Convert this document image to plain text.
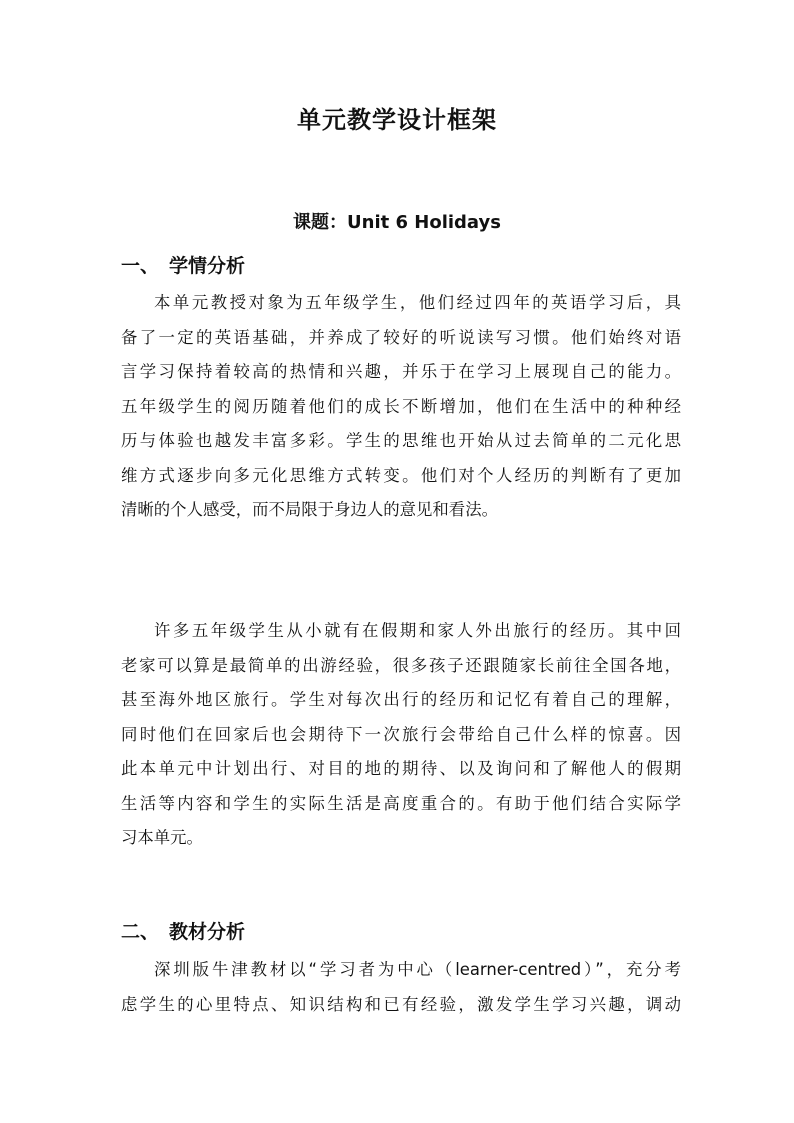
单元教学设计框架
课题：Unit 6 Holidays
一、 学情分析
本单元教授对象为五年级学生，他们经过四年的英语学习后，具
备了一定的英语基础，并养成了较好的听说读写习惯。他们始终对语
言学习保持着较高的热情和兴趣，并乐于在学习上展现自己的能力。
五年级学生的阅历随着他们的成长不断增加，他们在生活中的种种经
历与体验也越发丰富多彩。学生的思维也开始从过去简单的二元化思
维方式逐步向多元化思维方式转变。他们对个人经历的判断有了更加
清晰的个人感受，而不局限于身边人的意见和看法。
许多五年级学生从小就有在假期和家人外出旅行的经历。其中回
老家可以算是最简单的出游经验，很多孩子还跟随家长前往全国各地，
甚至海外地区旅行。学生对每次出行的经历和记忆有着自己的理解，
同时他们在回家后也会期待下一次旅行会带给自己什么样的惊喜。因
此本单元中计划出行、对目的地的期待、以及询问和了解他人的假期
生活等内容和学生的实际生活是高度重合的。有助于他们结合实际学
习本单元。
二、 教材分析
深圳版牛津教材以“学习者为中心（learner-centred）”，充分考
虑学生的心里特点、知识结构和已有经验，激发学生学习兴趣，调动
